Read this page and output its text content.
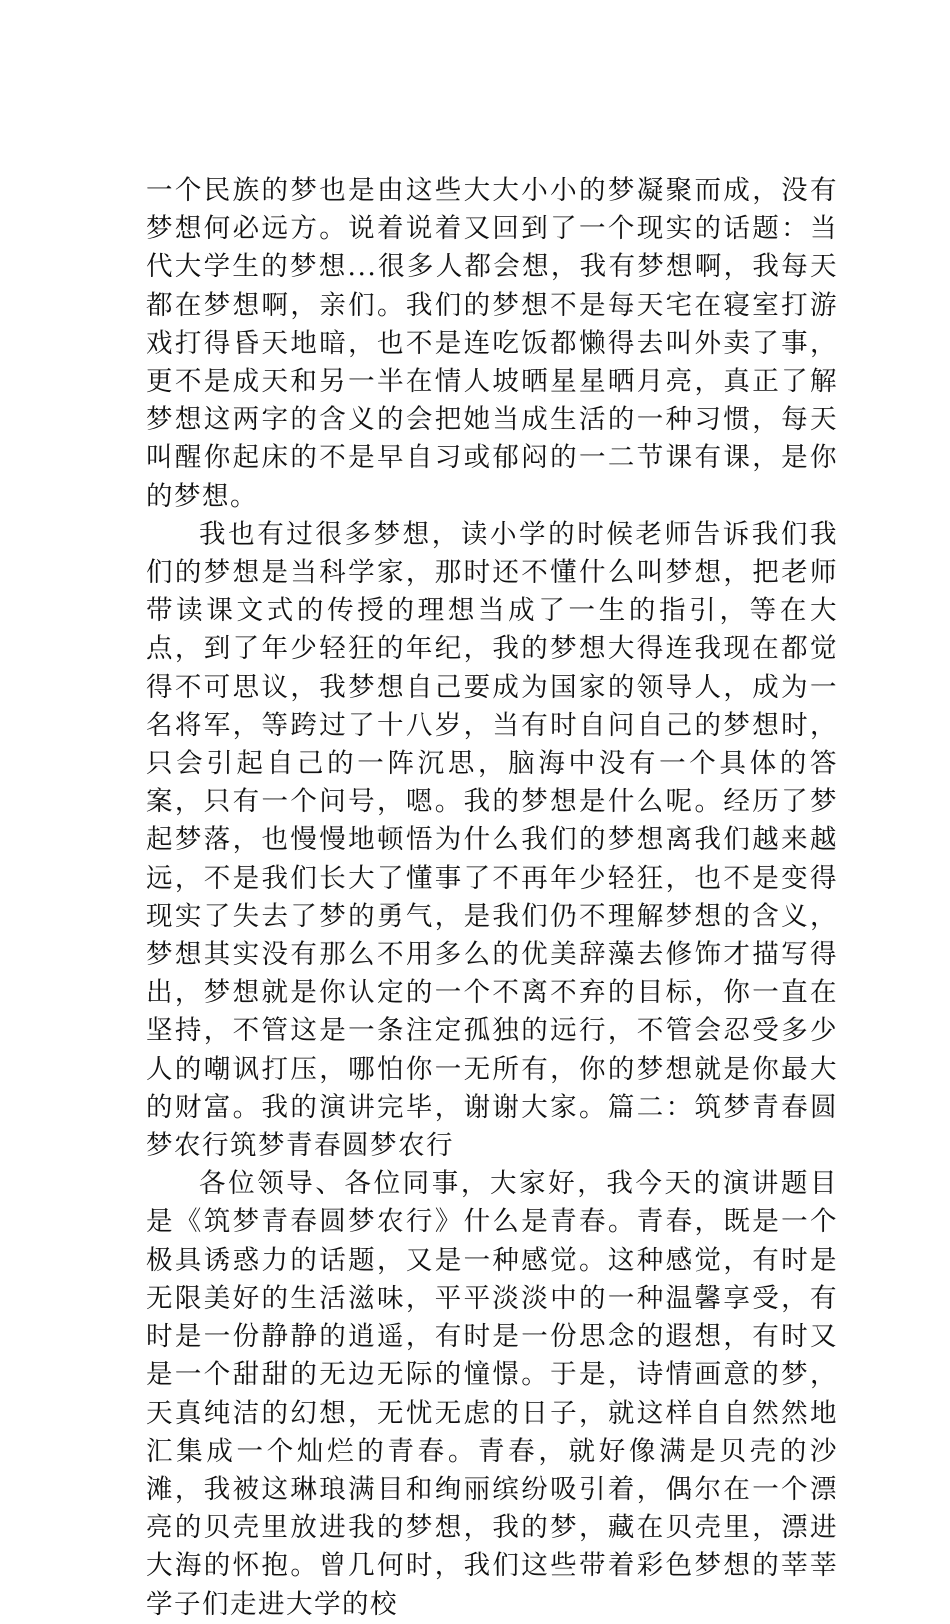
一个民族的梦也是由这些大大小小的梦凝聚而成，没有梦想何必远方。说着说着又回到了一个现实的话题：当代大学生的梦想...很多人都会想，我有梦想啊，我每天都在梦想啊，亲们。我们的梦想不是每天宅在寝室打游戏打得昏天地暗，也不是连吃饭都懒得去叫外卖了事，更不是成天和另一半在情人坡晒星星晒月亮，真正了解梦想这两字的含义的会把她当成生活的一种习惯，每天叫醒你起床的不是早自习或郁闷的一二节课有课，是你的梦想。

我也有过很多梦想，读小学的时候老师告诉我们我们的梦想是当科学家，那时还不懂什么叫梦想，把老师带读课文式的传授的理想当成了一生的指引，等在大点，到了年少轻狂的年纪，我的梦想大得连我现在都觉得不可思议，我梦想自己要成为国家的领导人，成为一名将军，等跨过了十八岁，当有时自问自己的梦想时，只会引起自己的一阵沉思，脑海中没有一个具体的答案，只有一个问号，嗯。我的梦想是什么呢。经历了梦起梦落，也慢慢地顿悟为什么我们的梦想离我们越来越远，不是我们长大了懂事了不再年少轻狂，也不是变得现实了失去了梦的勇气，是我们仍不理解梦想的含义，梦想其实没有那么不用多么的优美辞藻去修饰才描写得出，梦想就是你认定的一个不离不弃的目标，你一直在坚持，不管这是一条注定孤独的远行，不管会忍受多少人的嘲讽打压，哪怕你一无所有，你的梦想就是你最大的财富。我的演讲完毕，谢谢大家。篇二：筑梦青春圆梦农行筑梦青春圆梦农行

各位领导、各位同事，大家好，我今天的演讲题目是《筑梦青春圆梦农行》什么是青春。青春，既是一个极具诱惑力的话题，又是一种感觉。这种感觉，有时是无限美好的生活滋味，平平淡淡中的一种温馨享受，有时是一份静静的逍遥，有时是一份思念的遐想，有时又是一个甜甜的无边无际的憧憬。于是，诗情画意的梦，天真纯洁的幻想，无忧无虑的日子，就这样自自然然地汇集成一个灿烂的青春。青春，就好像满是贝壳的沙滩，我被这琳琅满目和绚丽缤纷吸引着，偶尔在一个漂亮的贝壳里放进我的梦想，我的梦，藏在贝壳里，漂进大海的怀抱。曾几何时，我们这些带着彩色梦想的莘莘学子们走进大学的校
